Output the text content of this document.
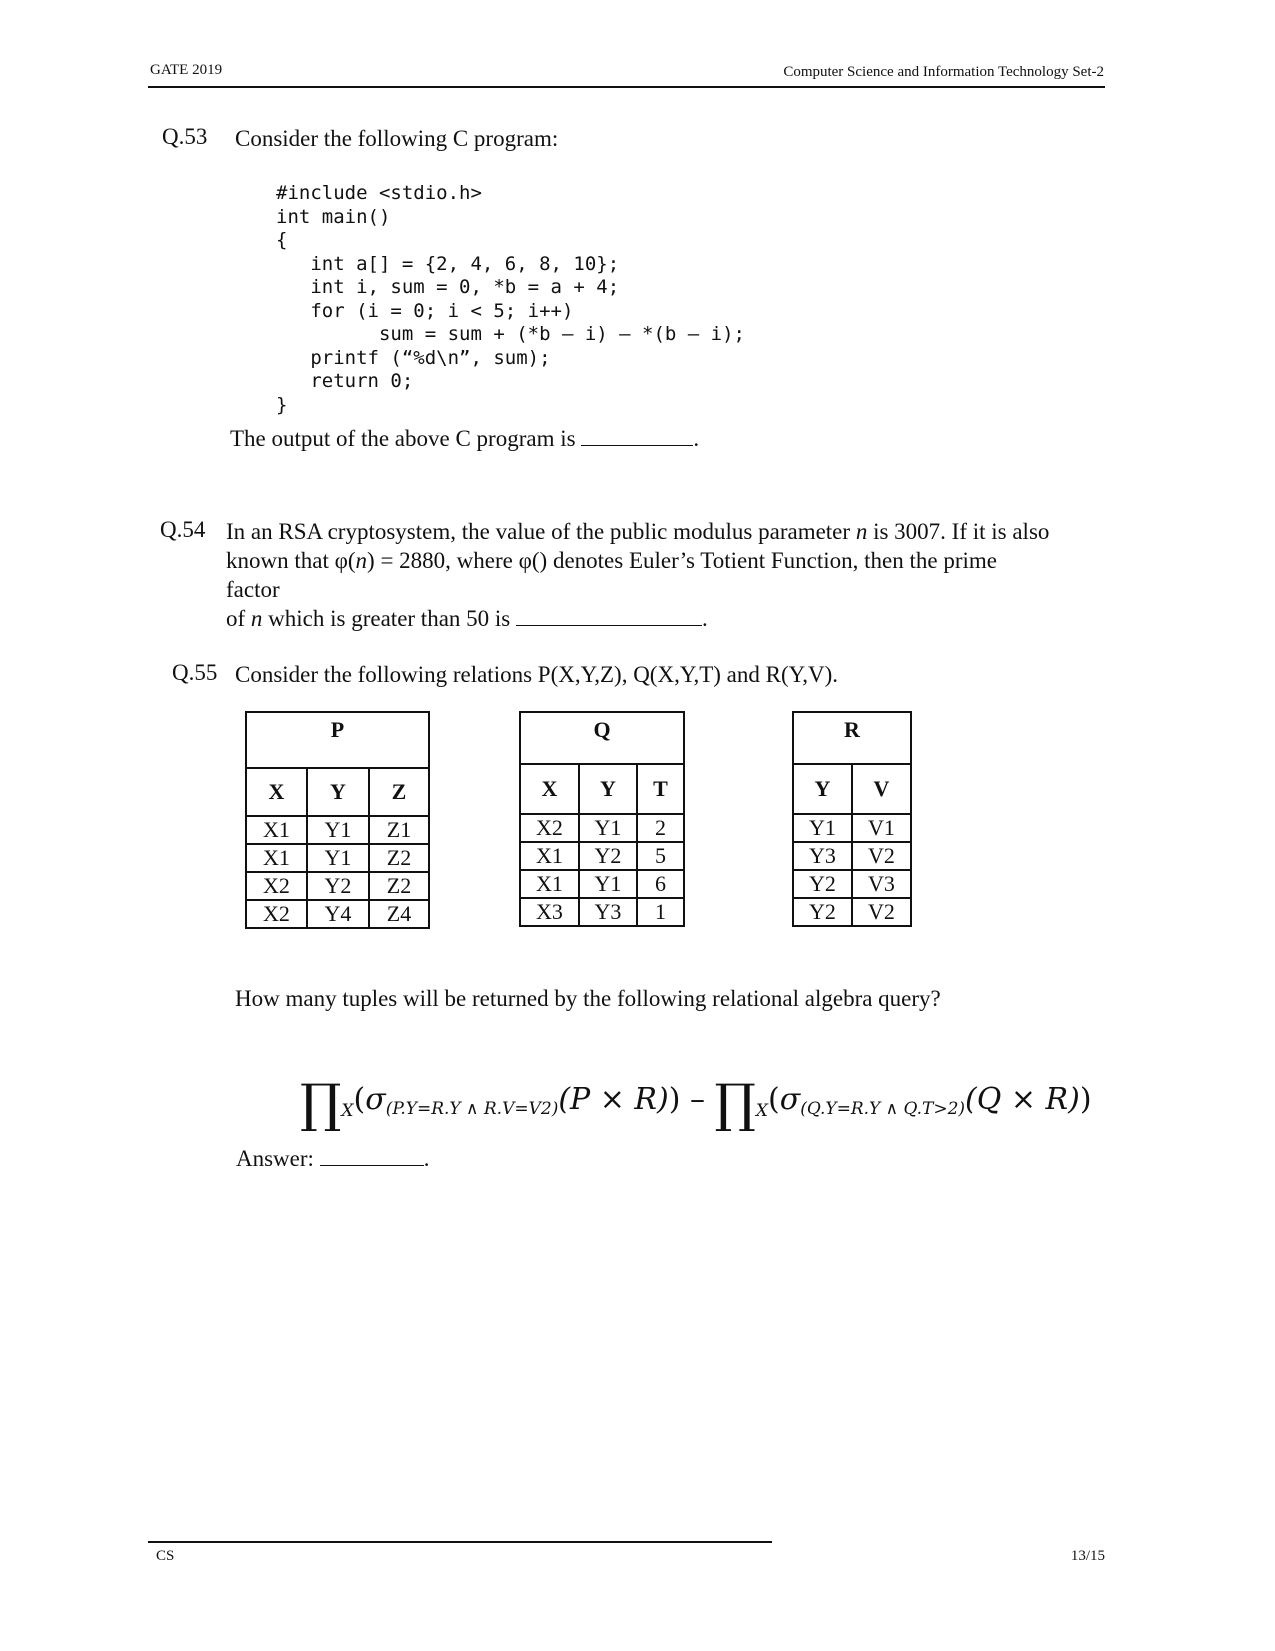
GATE 2019	Computer Science and Information Technology Set-2
Q.53 Consider the following C program:
#include <stdio.h>
int main()
{
int a[] = {2, 4, 6, 8, 10};
int i, sum = 0, *b = a + 4;
for (i = 0; i < 5; i++)
sum = sum + (*b – i) – *(b – i);
printf (“%d\n”, sum);
return 0;
}
The output of the above C program is	.
Q.54 In an RSA cryptosystem, the value of the public modulus parameter n is 3007. If it is also
known that φ(n) = 2880, where φ() denotes Euler’s Totient Function, then the prime factor
of n which is greater than 50 is	.
Q.55 Consider the following relations P(X,Y,Z), Q(X,Y,T) and R(Y,V).
P		
X	Y	Z
X1	Y1	Z1
X1	Y1	Z2
X2	Y2	Z2
X2	Y4	Z4
Q		
X	Y	T
X2	Y1	2
X1	Y2	5
X1	Y1	6
X3	Y3	1
R	
Y	V
Y1	V1
Y3	V2
Y2	V3
Y2	V2
How many tuples will be returned by the following relational algebra query?
$\prod_X(\sigma(P.Y=R.Y$ ∧ $R.V=V2)(P \times R)) - \prod_X(\sigma(Q.Y=R.Y$ ∧ Q.T>2)(Q × R))
Answer:	.
CS	13/15
